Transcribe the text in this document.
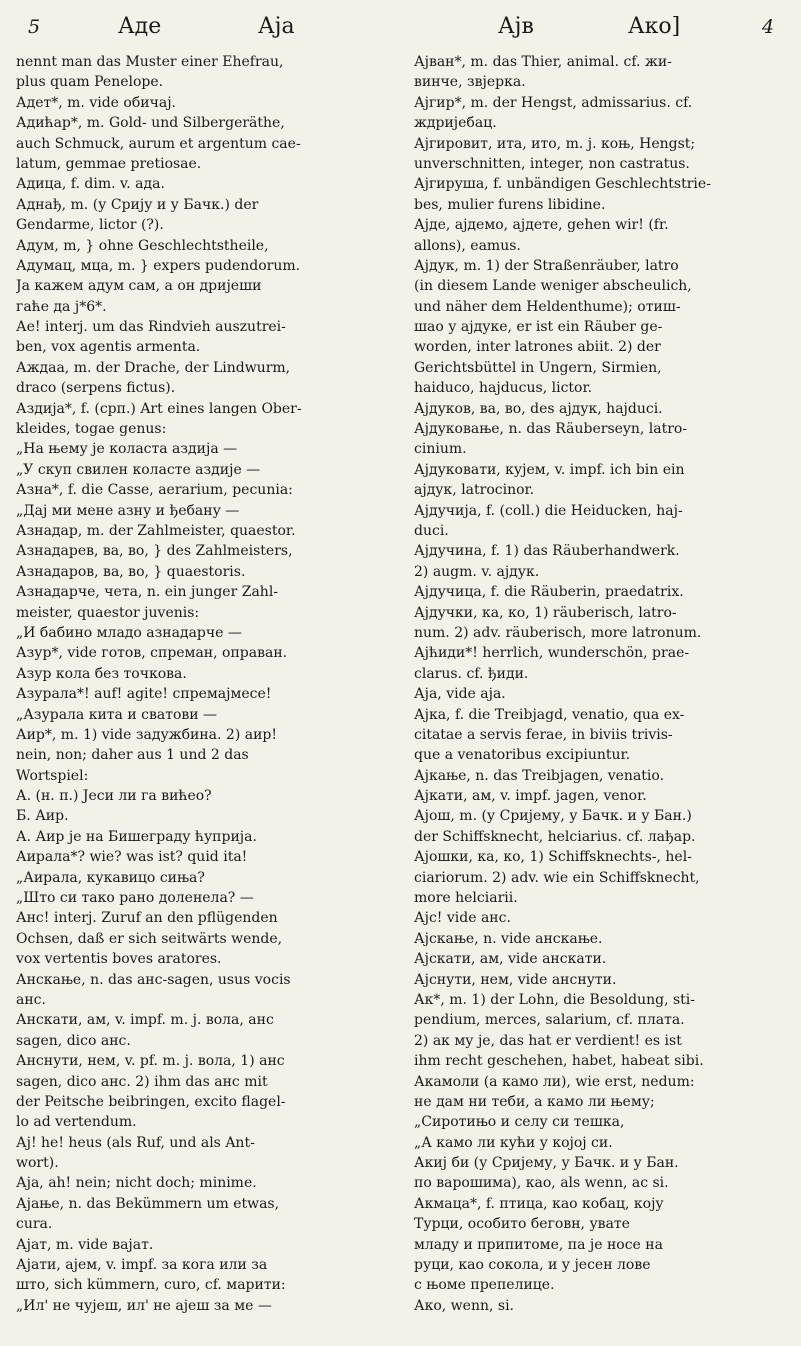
5	Аде	Аја	Ајв	Ако]	4
nennt man das Muster einer Ehefrau,
plus quam Penelope.
Адет*, m. vide обичај.
Адићар*, m. Gold- und Silbergeräthe,
auch Schmuck, aurum et argentum cae-
latum, gemmae pretiosae.
Адица, f. dim. v. ада.
Аднађ, m. (у Срију и у Бачк.) der
Gendarme, lictor (?).
Адум, m, } ohne Geschlechtstheile,
Адумац, мца, m. } expers pudendorum.
Ја кажем адум сам, а он дријеши
гаће да ј*6*.
Ае! interj. um das Rindvieh auszutrei-
ben, vox agentis armenta.
Аждаа, m. der Drache, der Lindwurm,
draco (serpens fictus).
Аздија*, f. (срп.) Art eines langen Ober-
kleides, togae genus:
„На њему је коласта аздија —
„У скуп свилен коласте аздије —
Азна*, f. die Casse, aerarium, pecunia:
„Дај ми мене азну и ђебану —
Азнадар, m. der Zahlmeister, quaestor.
Азнадарев, ва, во, } des Zahlmeisters,
Азнадаров, ва, во, } quaestoris.
Азнадарче, чета, n. ein junger Zahl-
meister, quaestor juvenis:
„И бабино младо азнадарче —
Азур*, vide готов, спреман, оправан.
Азур кола без точкова.
Азурала*! auf! agite! спремајмесе!
„Азурала кита и сватови —
Аир*, m. 1) vide задужбина. 2) аир!
nein, non; daher aus 1 und 2 das
Wortspiel:
А. (н. п.) Јеси ли га вићео?
Б. Аир.
А. Аир је на Бишеграду ћуприја.
Аирала*? wie? was ist? quid ita!
„Аирала, кукавицо сиња?
„Што си тако рано доленела? —
Анс! interj. Zuruf an den pflügenden
Ochsen, daß er sich seitwärts wende,
vox vertentis boves aratores.
Анскање, n. das анс-sagen, usus vocis
анс.
Анскати, ам, v. impf. m. j. вола, анс
sagen, dico анс.
Анснути, нем, v. pf. m. j. вола, 1) анс
sagen, dico анс. 2) ihm das анс mit
der Peitsche beibringen, excito flagel-
lo ad vertendum.
Ај! he! heus (als Ruf, und als Ant-
wort).
Аја, ah! nein; nicht doch; minime.
Ајање, n. das Bekümmern um etwas,
cura.
Ајат, m. vide вајат.
Ајати, ајем, v. impf. за кога или за
што, sich kümmern, curo, cf. марити:
„Ил' не чујеш, ил' не ајеш за ме —
Ајван*, m. das Thier, animal. cf. жи-
винче, звјерка.
Ајгир*, m. der Hengst, admissarius. cf.
ждријебац.
Ајгировит, ита, ито, m. j. коњ, Hengst;
unverschnitten, integer, non castratus.
Ајгируша, f. unbändigen Geschlechtstrie-
bes, mulier furens libidine.
Ајде, ајдемо, ајдете, gehen wir! (fr.
allons), eamus.
Ајдук, m. 1) der Straßenräuber, latro
(in diesem Lande weniger abscheulich,
und näher dem Heldenthume); отиш-
шао у ајдуке, er ist ein Räuber ge-
worden, inter latrones abiit. 2) der
Gerichtsbüttel in Ungern, Sirmien,
haiduco, hajducus, lictor.
Ајдуков, ва, во, des ајдук, hajduci.
Ајдуковање, n. das Räuberseyn, latro-
cinium.
Ајдуковати, кујем, v. impf. ich bin ein
ајдук, latrocinor.
Ајдучија, f. (coll.) die Heiducken, haj-
duci.
Ајдучина, f. 1) das Räuberhandwerk.
2) augm. v. ајдук.
Ајдучица, f. die Räuberin, praedatrix.
Ајдучки, ка, ко, 1) räuberisch, latro-
num. 2) adv. räuberisch, more latronum.
Ајћиди*! herrlich, wunderschön, prae-
clarus. cf. ђиди.
Аја, vide ајa.
Ајка, f. die Treibjagd, venatio, qua ex-
citatae a servis ferae, in biviis trivis-
que a venatoribus excipiuntur.
Ајкање, n. das Treibjagen, venatio.
Ајкати, ам, v. impf. jagen, venor.
Ајош, m. (у Сријему, у Бачк. и у Бан.)
der Schiffsknecht, helciarius. cf. лађар.
Ајошки, ка, ко, 1) Schiffsknechts-, hel-
ciariorum. 2) adv. wie ein Schiffsknecht,
more helciarii.
Ајс! vide анс.
Ајскање, n. vide анскање.
Ајскати, ам, vide анскати.
Ајснути, нем, vide анснути.
Ак*, m. 1) der Lohn, die Besoldung, sti-
pendium, merces, salarium, cf. плата.
2) ак му је, das hat er verdient! es ist
ihm recht geschehen, habet, habeat sibi.
Акамоли (а камо ли), wie erst, nedum:
не дам ни теби, а камо ли њему;
„Сиротињо и селу си тешка,
„А камо ли кући у којој си.
Акиј би (у Сријему, у Бачк. и у Бан.
по варошима), као, als wenn, ac si.
Акмаца*, f. птица, као кобац, коју
Турци, особито беговн, увате
младу и припитоме, па је носе на
руци, као сокола, и у јесен лове
с њоме препелице.
Ако, wenn, si.
